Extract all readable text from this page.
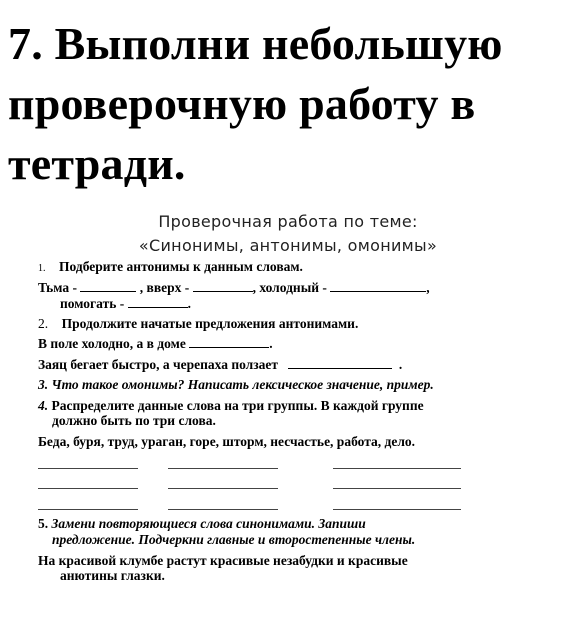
7. Выполни небольшую
проверочную работу в
тетради.
Проверочная работа по теме:
«Синонимы, антонимы, омонимы»
1. Подберите антонимы к данным словам.
Тьма -	, вверх -	, холодный -	,
помогать -	.
2. Продолжите начатые предложения антонимами.
В поле холодно, а в доме	.
Заяц бегает быстро, а черепаха ползает	.
3. Что такое омонимы? Написать лексическое значение, пример.
4. Распределите данные слова на три группы. В каждой группе
должно быть по три слова.
Беда, буря, труд, ураган, горе, шторм, несчастье, работа, дело.
5. Замени повторяющиеся слова синонимами. Запиши
предложение. Подчеркни главные и второстепенные члены.
На красивой клумбе растут красивые незабудки и красивые
анютины глазки.
